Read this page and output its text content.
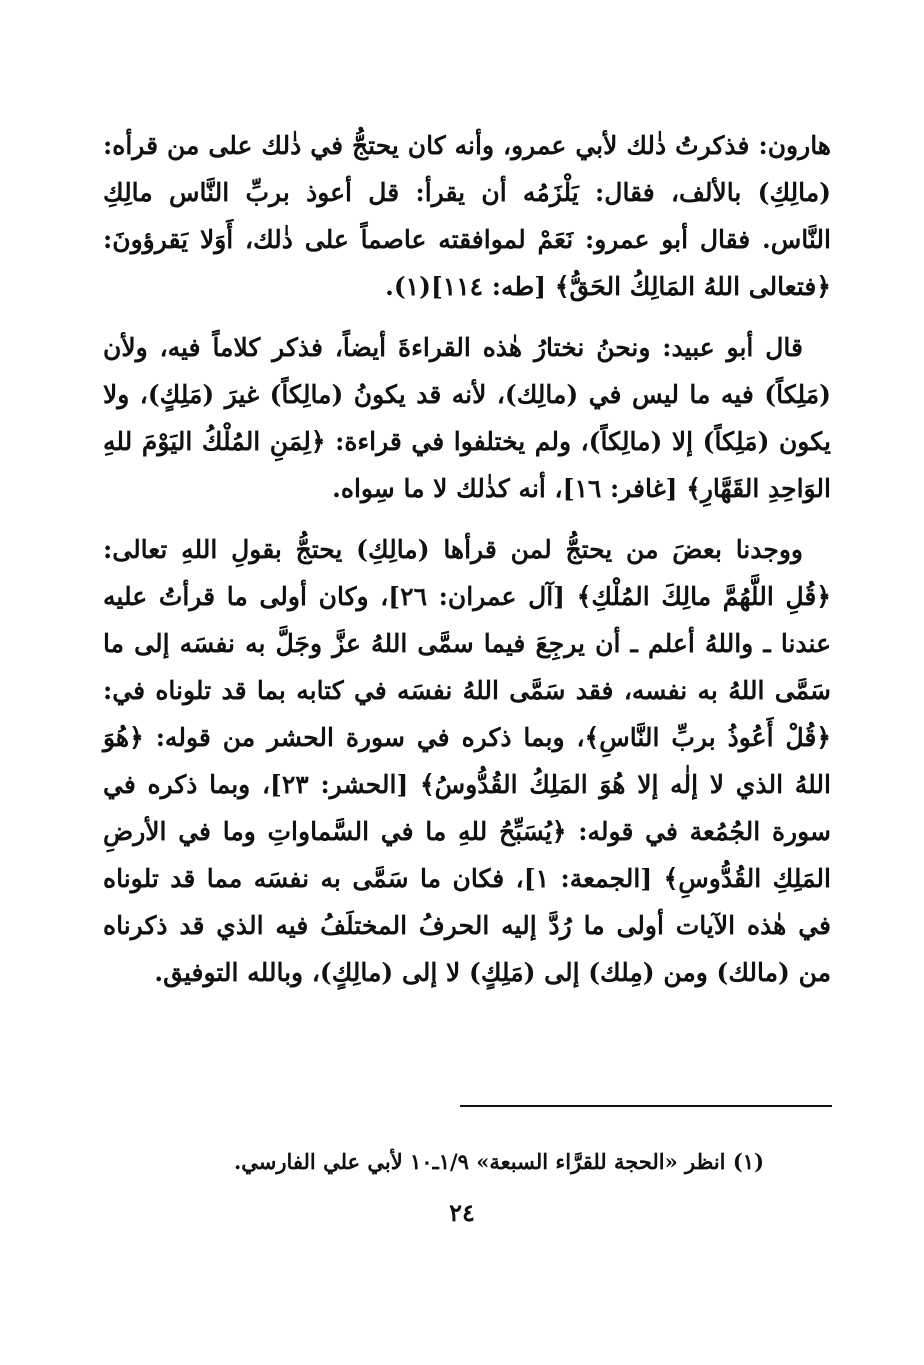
هارون: فذكرتُ ذٰلك لأبي عمرو، وأنه كان يحتجُّ في ذٰلك على من قرأه: (مالِكِ) بالألف، فقال: يَلْزَمُه أن يقرأ: قل أعوذ بربِّ النَّاس مالِكِ النَّاس. فقال أبو عمرو: نَعَمْ لموافقته عاصماً على ذٰلك، أَوَلا يَقرؤونَ: ﴿فتعالى اللهُ المَالِكُ الحَقُّ﴾ [طه: ١١٤](١).

قال أبو عبيد: ونحنُ نختارُ هٰذه القراءةَ أيضاً، فذكر كلاماً فيه، ولأن (مَلِكاً) فيه ما ليس في (مالِك)، لأنه قد يكونُ (مالِكاً) غيرَ (مَلِكٍ)، ولا يكون (مَلِكاً) إلا (مالِكاً)، ولم يختلفوا في قراءة: ﴿لِمَنِ المُلْكُ اليَوْمَ للهِ الوَاحِدِ القَهَّارِ﴾ [غافر: ١٦]، أنه كذٰلك لا ما سِواه.

ووجدنا بعضَ من يحتجُّ لمن قرأها (مالِكِ) يحتجُّ بقولِ اللهِ تعالى: ﴿قُلِ اللَّهُمَّ مالِكَ المُلْكِ﴾ [آل عمران: ٢٦]، وكان أولى ما قرأتُ عليه عندنا ـ واللهُ أعلم ـ أن يرجِعَ فيما سمَّى اللهُ عزَّ وجَلَّ به نفسَه إلى ما سَمَّى اللهُ به نفسه، فقد سَمَّى اللهُ نفسَه في كتابه بما قد تلوناه في: ﴿قُلْ أَعُوذُ بربِّ النَّاسِ﴾، وبما ذكره في سورة الحشر من قوله: ﴿هُوَ اللهُ الذي لا إلٰه إلا هُوَ المَلِكُ القُدُّوسُ﴾ [الحشر: ٢٣]، وبما ذكره في سورة الجُمُعة في قوله: ﴿يُسَبِّحُ للهِ ما في السَّماواتِ وما في الأرضِ المَلِكِ القُدُّوسِ﴾ [الجمعة: ١]، فكان ما سَمَّى به نفسَه مما قد تلوناه في هٰذه الآيات أولى ما رُدَّ إليه الحرفُ المختلَفُ فيه الذي قد ذكرناه من (مالك) ومن (مِلك) إلى (مَلِكٍ) لا إلى (مالِكٍ)، وبالله التوفيق.

(١) انظر «الحجة للقرَّاء السبعة» ١/٩ـ١٠ لأبي علي الفارسي.
٢٤
